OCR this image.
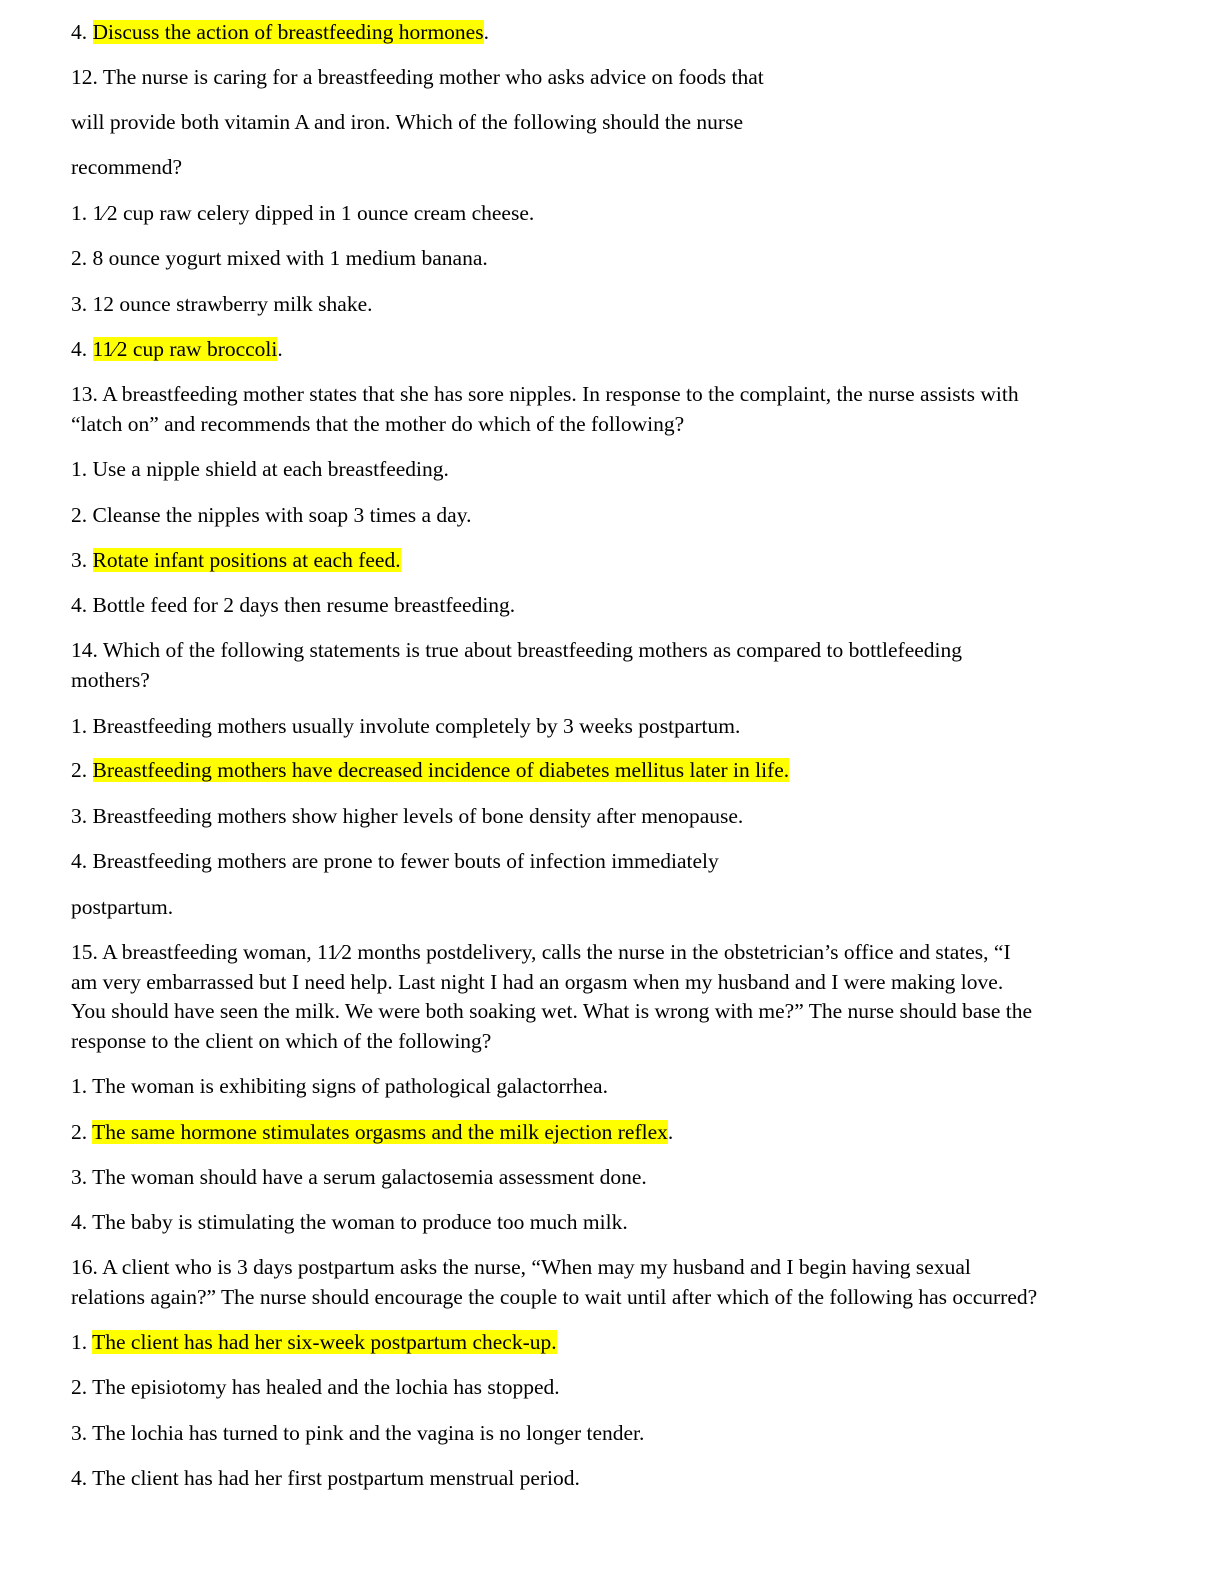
4. Discuss the action of breastfeeding hormones.

12. The nurse is caring for a breastfeeding mother who asks advice on foods that

will provide both vitamin A and iron. Which of the following should the nurse

recommend?

1. 1⁄2 cup raw celery dipped in 1 ounce cream cheese.

2. 8 ounce yogurt mixed with 1 medium banana.

3. 12 ounce strawberry milk shake.

4. 11⁄2 cup raw broccoli.

13. A breastfeeding mother states that she has sore nipples. In response to the complaint, the nurse assists with

“latch on” and recommends that the mother do which of the following?

1. Use a nipple shield at each breastfeeding.

2. Cleanse the nipples with soap 3 times a day.

3. Rotate infant positions at each feed.

4. Bottle feed for 2 days then resume breastfeeding.

14. Which of the following statements is true about breastfeeding mothers as compared to bottlefeeding

mothers?

1. Breastfeeding mothers usually involute completely by 3 weeks postpartum.

2. Breastfeeding mothers have decreased incidence of diabetes mellitus later in life.

3. Breastfeeding mothers show higher levels of bone density after menopause.

4. Breastfeeding mothers are prone to fewer bouts of infection immediately

postpartum.

15. A breastfeeding woman, 11⁄2 months postdelivery, calls the nurse in the obstetrician’s office and states, “I

am very embarrassed but I need help. Last night I had an orgasm when my husband and I were making love.

You should have seen the milk. We were both soaking wet. What is wrong with me?” The nurse should base the

response to the client on which of the following?

1. The woman is exhibiting signs of pathological galactorrhea.

2. The same hormone stimulates orgasms and the milk ejection reflex.

3. The woman should have a serum galactosemia assessment done.

4. The baby is stimulating the woman to produce too much milk.

16. A client who is 3 days postpartum asks the nurse, “When may my husband and I begin having sexual

relations again?” The nurse should encourage the couple to wait until after which of the following has occurred?

1. The client has had her six-week postpartum check-up.

2. The episiotomy has healed and the lochia has stopped.

3. The lochia has turned to pink and the vagina is no longer tender.

4. The client has had her first postpartum menstrual period.
